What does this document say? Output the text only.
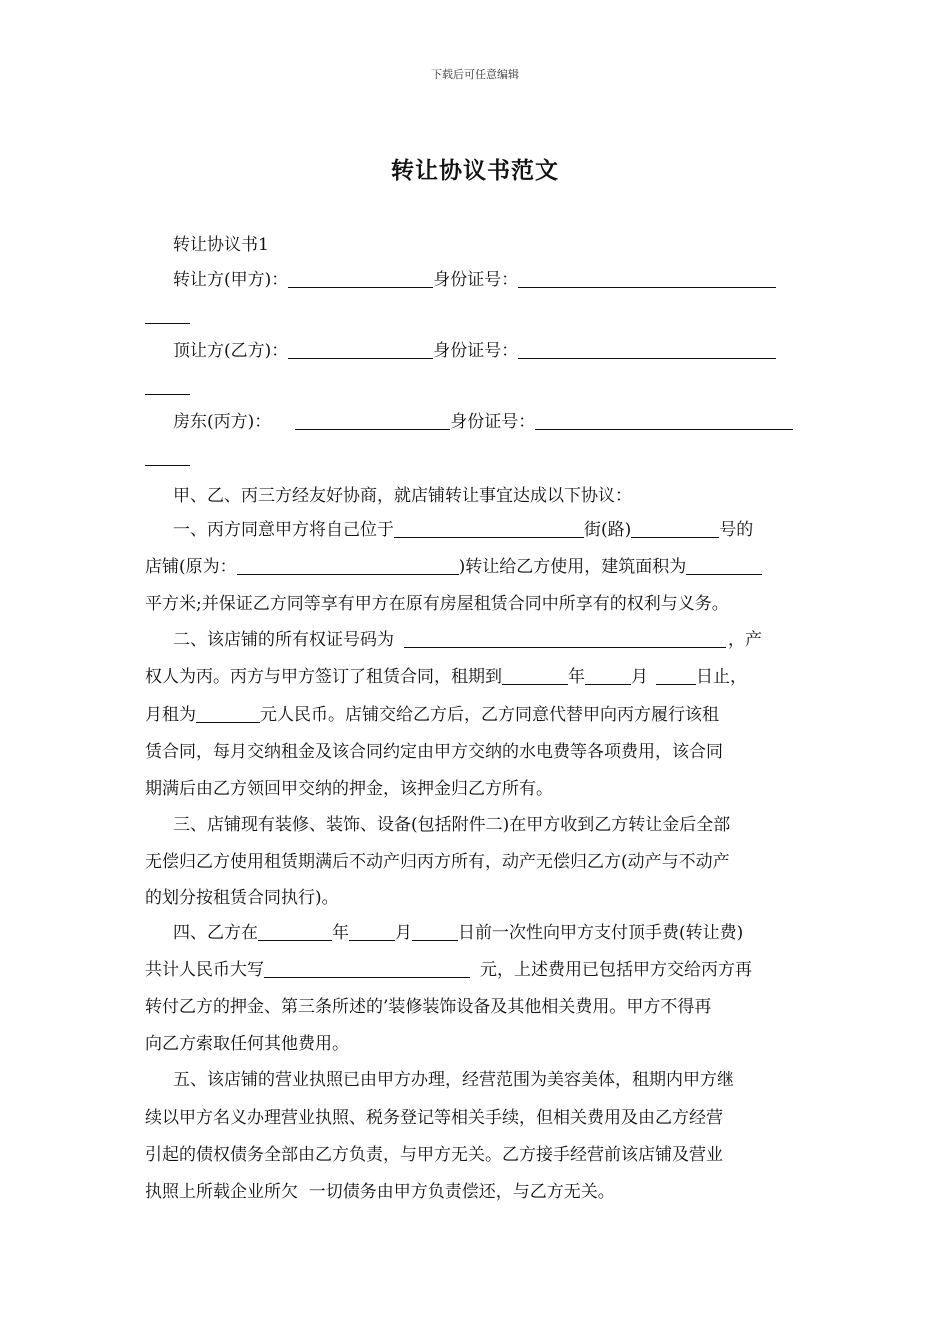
下载后可任意编辑
转让协议书范文
转让协议书1
转让方(甲方)：	身份证号：
顶让方(乙方)：	身份证号：
房东(丙方)：	身份证号：
甲、乙、丙三方经友好协商，就店铺转让事宜达成以下协议：
一、丙方同意甲方将自己位于	街(路)	号的
店铺(原为：	)转让给乙方使用，建筑面积为
平方米;并保证乙方同等享有甲方在原有房屋租赁合同中所享有的权利与义务。
二、该店铺的所有权证号码为	，产
权人为丙。丙方与甲方签订了租赁合同，租期到	年	月	日止，
月租为	元人民币。店铺交给乙方后，乙方同意代替甲向丙方履行该租
赁合同，每月交纳租金及该合同约定由甲方交纳的水电费等各项费用，该合同
期满后由乙方领回甲交纳的押金，该押金归乙方所有。
三、店铺现有装修、装饰、设备(包括附件二)在甲方收到乙方转让金后全部
无偿归乙方使用租赁期满后不动产归丙方所有，动产无偿归乙方(动产与不动产
的划分按租赁合同执行)。
四、乙方在	年	月	日前一次性向甲方支付顶手费(转让费)
共计人民币大写	元，上述费用已包括甲方交给丙方再
转付乙方的押金、第三条所述的’装修装饰设备及其他相关费用。甲方不得再
向乙方索取任何其他费用。
五、该店铺的营业执照已由甲方办理，经营范围为美容美体，租期内甲方继
续以甲方名义办理营业执照、税务登记等相关手续，但相关费用及由乙方经营
引起的债权债务全部由乙方负责，与甲方无关。乙方接手经营前该店铺及营业
执照上所载企业所欠  一切债务由甲方负责偿还，与乙方无关。
